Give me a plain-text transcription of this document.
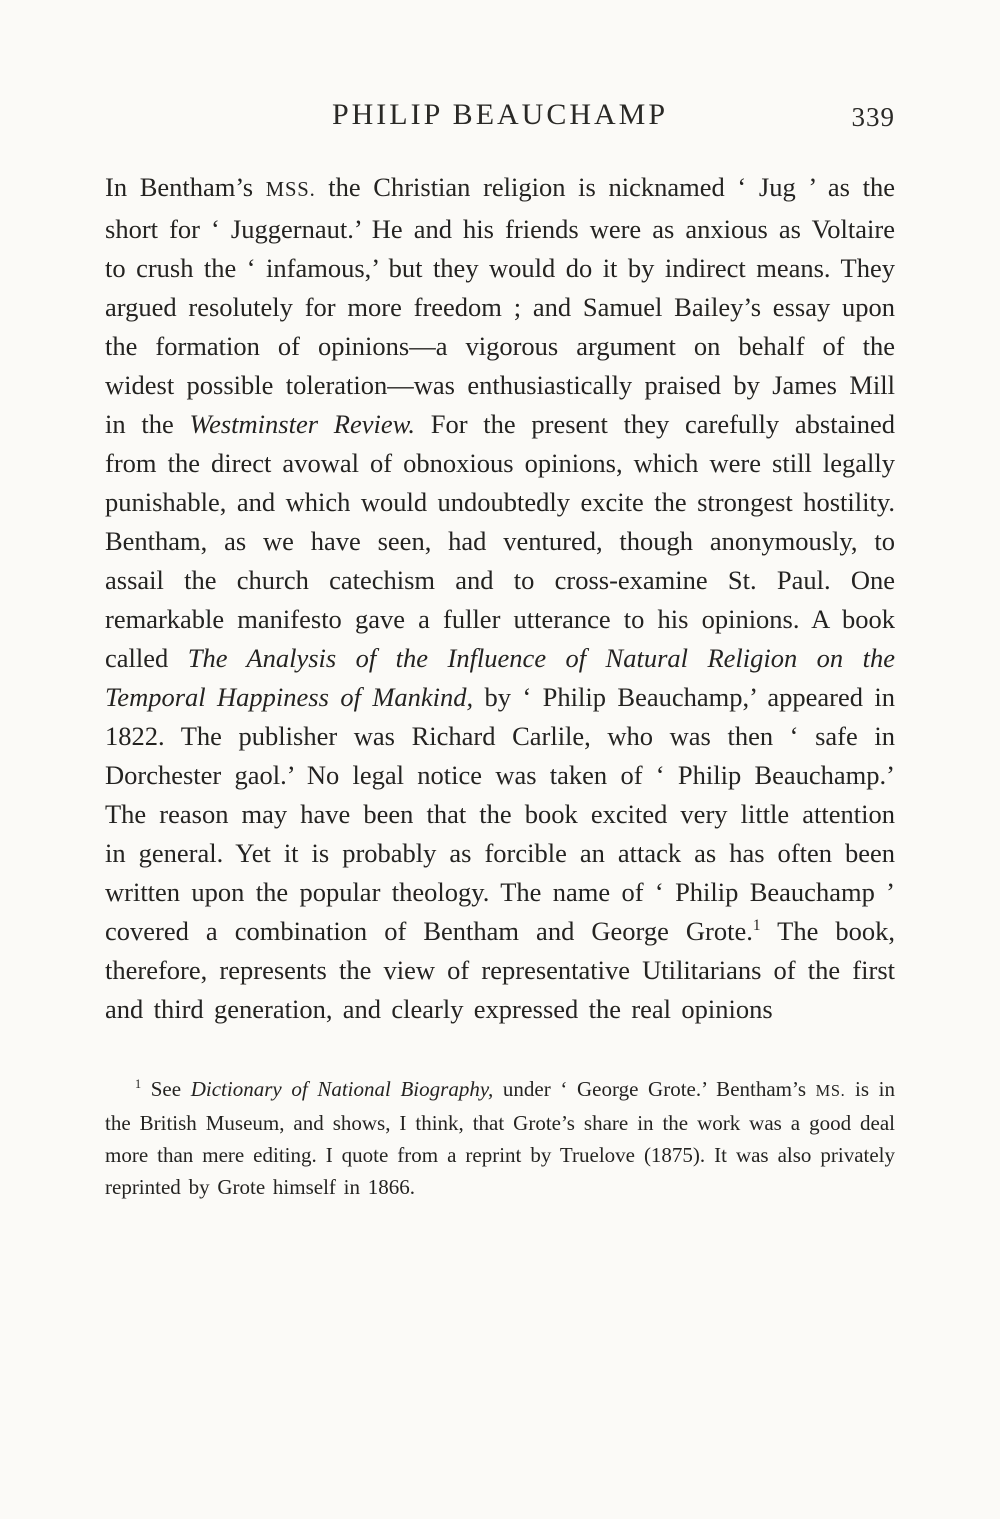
PHILIP BEAUCHAMP	339

In Bentham’s MSS. the Christian religion is nicknamed ‘ Jug ’ as the short for ‘ Juggernaut.’ He and his friends were as anxious as Voltaire to crush the ‘ infamous,’ but they would do it by indirect means. They argued resolutely for more freedom ; and Samuel Bailey’s essay upon the formation of opinions—a vigorous argument on behalf of the widest possible toleration—was enthusiastically praised by James Mill in the Westminster Review. For the present they carefully abstained from the direct avowal of obnoxious opinions, which were still legally punishable, and which would undoubtedly excite the strongest hostility. Bentham, as we have seen, had ventured, though anonymously, to assail the church catechism and to cross-examine St. Paul. One remarkable manifesto gave a fuller utterance to his opinions. A book called The Analysis of the Influence of Natural Religion on the Temporal Happiness of Mankind, by ‘ Philip Beauchamp,’ appeared in 1822. The publisher was Richard Carlile, who was then ‘ safe in Dorchester gaol.’ No legal notice was taken of ‘ Philip Beauchamp.’ The reason may have been that the book excited very little attention in general. Yet it is probably as forcible an attack as has often been written upon the popular theology. The name of ‘ Philip Beauchamp ’ covered a combination of Bentham and George Grote.$^1$ The book, therefore, represents the view of representative Utilitarians of the first and third generation, and clearly expressed the real opinions

$^1$ See Dictionary of National Biography, under ‘ George Grote.’ Bentham’s MS. is in the British Museum, and shows, I think, that Grote’s share in the work was a good deal more than mere editing. I quote from a reprint by Truelove (1875). It was also privately reprinted by Grote himself in 1866.
